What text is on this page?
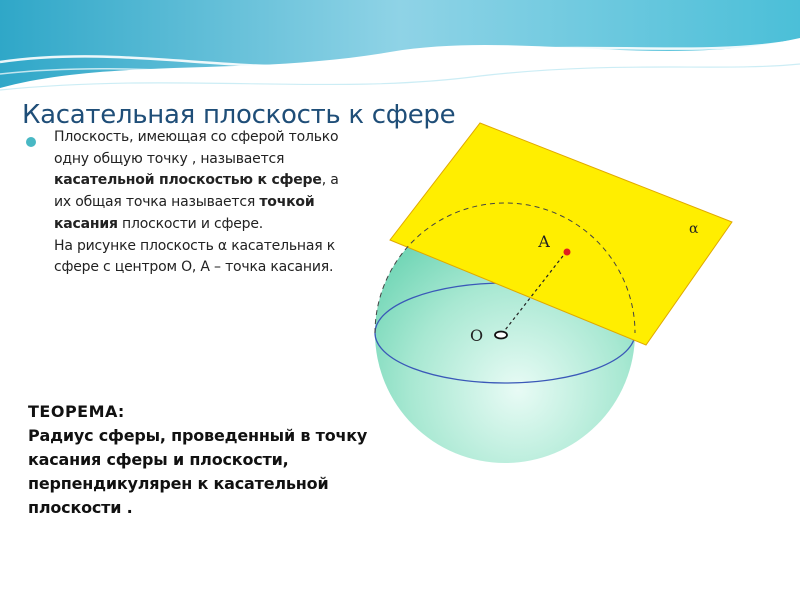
А
О
α
Касательная плоскость к сфере
Плоскость, имеющая со сферой только одну общую точку , называется касательной плоскостью к сфере, а их общая точка называется точкой касания плоскости и сфере.
На рисунке плоскость α касательная к сфере с центром О, А – точка касания.
ТЕОРЕМА:
Радиус сферы, проведенный в точку касания сферы и плоскости, перпендикулярен к касательной плоскости .
